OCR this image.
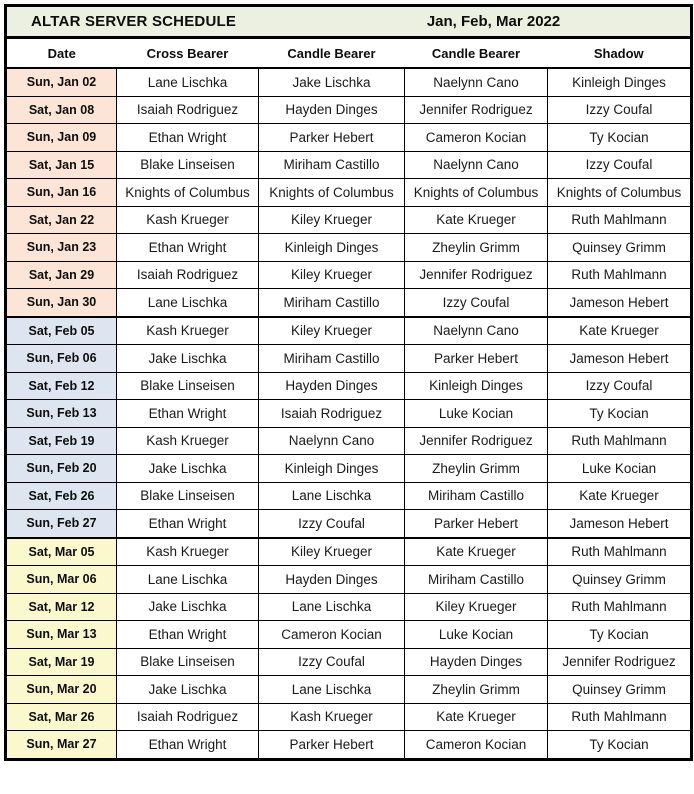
ALTAR SERVER SCHEDULE Jan, Feb, Mar 2022				

Date	Cross Bearer	Candle Bearer	Candle Bearer	Shadow
Sun, Jan 02	Lane Lischka	Jake Lischka	Naelynn Cano	Kinleigh Dinges
Sat, Jan 08	Isaiah Rodriguez	Hayden Dinges	Jennifer Rodriguez	Izzy Coufal
Sun, Jan 09	Ethan Wright	Parker Hebert	Cameron Kocian	Ty Kocian
Sat, Jan 15	Blake Linseisen	Miriham Castillo	Naelynn Cano	Izzy Coufal
Sun, Jan 16	Knights of Columbus	Knights of Columbus	Knights of Columbus	Knights of Columbus
Sat, Jan 22	Kash Krueger	Kiley Krueger	Kate Krueger	Ruth Mahlmann
Sun, Jan 23	Ethan Wright	Kinleigh Dinges	Zheylin Grimm	Quinsey Grimm
Sat, Jan 29	Isaiah Rodriguez	Kiley Krueger	Jennifer Rodriguez	Ruth Mahlmann
Sun, Jan 30	Lane Lischka	Miriham Castillo	Izzy Coufal	Jameson Hebert
Sat, Feb 05	Kash Krueger	Kiley Krueger	Naelynn Cano	Kate Krueger
Sun, Feb 06	Jake Lischka	Miriham Castillo	Parker Hebert	Jameson Hebert
Sat, Feb 12	Blake Linseisen	Hayden Dinges	Kinleigh Dinges	Izzy Coufal
Sun, Feb 13	Ethan Wright	Isaiah Rodriguez	Luke Kocian	Ty Kocian
Sat, Feb 19	Kash Krueger	Naelynn Cano	Jennifer Rodriguez	Ruth Mahlmann
Sun, Feb 20	Jake Lischka	Kinleigh Dinges	Zheylin Grimm	Luke Kocian
Sat, Feb 26	Blake Linseisen	Lane Lischka	Miriham Castillo	Kate Krueger
Sun, Feb 27	Ethan Wright	Izzy Coufal	Parker Hebert	Jameson Hebert
Sat, Mar 05	Kash Krueger	Kiley Krueger	Kate Krueger	Ruth Mahlmann
Sun, Mar 06	Lane Lischka	Hayden Dinges	Miriham Castillo	Quinsey Grimm
Sat, Mar 12	Jake Lischka	Lane Lischka	Kiley Krueger	Ruth Mahlmann
Sun, Mar 13	Ethan Wright	Cameron Kocian	Luke Kocian	Ty Kocian
Sat, Mar 19	Blake Linseisen	Izzy Coufal	Hayden Dinges	Jennifer Rodriguez
Sun, Mar 20	Jake Lischka	Lane Lischka	Zheylin Grimm	Quinsey Grimm
Sat, Mar 26	Isaiah Rodriguez	Kash Krueger	Kate Krueger	Ruth Mahlmann
Sun, Mar 27	Ethan Wright	Parker Hebert	Cameron Kocian	Ty Kocian
